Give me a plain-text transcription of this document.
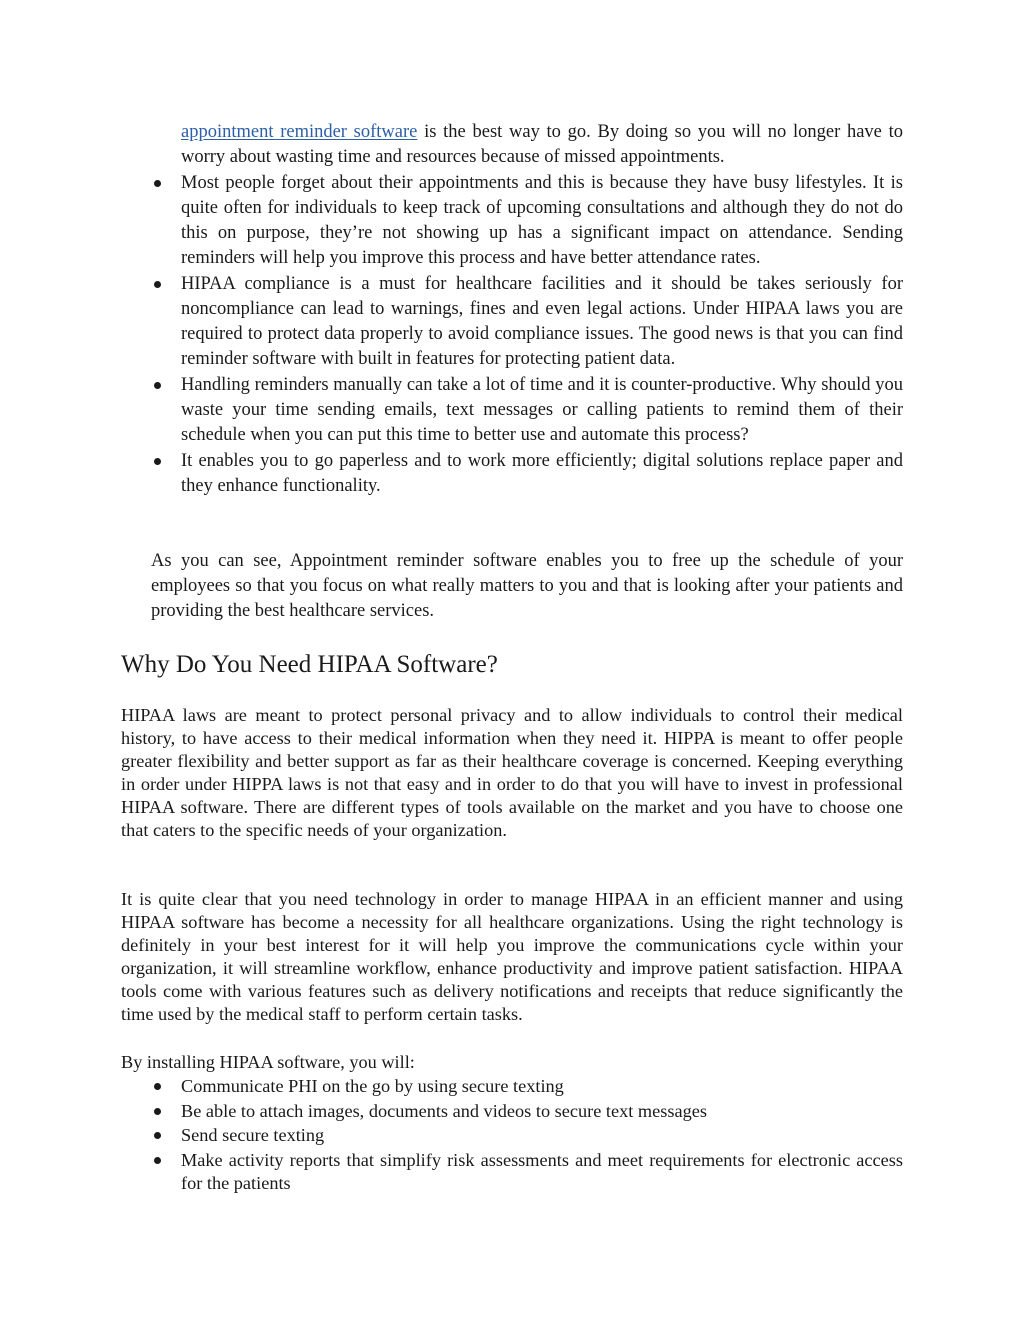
appointment reminder software is the best way to go. By doing so you will no longer have to worry about wasting time and resources because of missed appointments.
Most people forget about their appointments and this is because they have busy lifestyles. It is quite often for individuals to keep track of upcoming consultations and although they do not do this on purpose, they’re not showing up has a significant impact on attendance. Sending reminders will help you improve this process and have better attendance rates.
HIPAA compliance is a must for healthcare facilities and it should be takes seriously for noncompliance can lead to warnings, fines and even legal actions. Under HIPAA laws you are required to protect data properly to avoid compliance issues. The good news is that you can find reminder software with built in features for protecting patient data.
Handling reminders manually can take a lot of time and it is counter-productive. Why should you waste your time sending emails, text messages or calling patients to remind them of their schedule when you can put this time to better use and automate this process?
It enables you to go paperless and to work more efficiently; digital solutions replace paper and they enhance functionality.

As you can see, Appointment reminder software enables you to free up the schedule of your employees so that you focus on what really matters to you and that is looking after your patients and providing the best healthcare services.

Why Do You Need HIPAA Software?

HIPAA laws are meant to protect personal privacy and to allow individuals to control their medical history, to have access to their medical information when they need it. HIPPA is meant to offer people greater flexibility and better support as far as their healthcare coverage is concerned. Keeping everything in order under HIPPA laws is not that easy and in order to do that you will have to invest in professional HIPAA software. There are different types of tools available on the market and you have to choose one that caters to the specific needs of your organization.

It is quite clear that you need technology in order to manage HIPAA in an efficient manner and using HIPAA software has become a necessity for all healthcare organizations. Using the right technology is definitely in your best interest for it will help you improve the communications cycle within your organization, it will streamline workflow, enhance productivity and improve patient satisfaction. HIPAA tools come with various features such as delivery notifications and receipts that reduce significantly the time used by the medical staff to perform certain tasks.

By installing HIPAA software, you will:

Communicate PHI on the go by using secure texting
Be able to attach images, documents and videos to secure text messages
Send secure texting
Make activity reports that simplify risk assessments and meet requirements for electronic access for the patients
